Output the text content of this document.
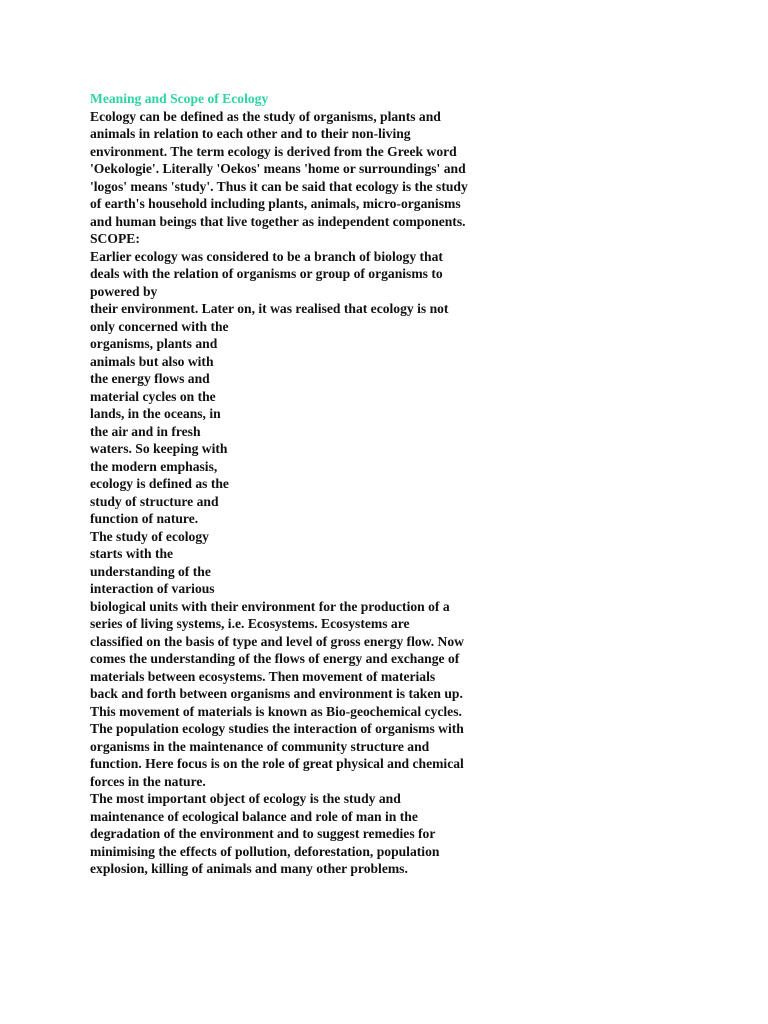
Meaning and Scope of Ecology
Ecology can be defined as the study of organisms, plants and
animals in relation to each other and to their non-living
environment. The term ecology is derived from the Greek word
'Oekologie'. Literally 'Oekos' means 'home or surroundings' and
'logos' means 'study'. Thus it can be said that ecology is the study
of earth's household including plants, animals, micro-organisms
and human beings that live together as independent components.
SCOPE:
Earlier ecology was considered to be a branch of biology that
deals with the relation of organisms or group of organisms to
powered by
their environment. Later on, it was realised that ecology is not
only concerned with the
organisms, plants and
animals but also with
the energy flows and
material cycles on the
lands, in the oceans, in
the air and in fresh
waters. So keeping with
the modern emphasis,
ecology is defined as the
study of structure and
function of nature.
The study of ecology
starts with the
understanding of the
interaction of various
biological units with their environment for the production of a
series of living systems, i.e. Ecosystems. Ecosystems are
classified on the basis of type and level of gross energy flow. Now
comes the understanding of the flows of energy and exchange of
materials between ecosystems. Then movement of materials
back and forth between organisms and environment is taken up.
This movement of materials is known as Bio-geochemical cycles.
The population ecology studies the interaction of organisms with
organisms in the maintenance of community structure and
function. Here focus is on the role of great physical and chemical
forces in the nature.
The most important object of ecology is the study and
maintenance of ecological balance and role of man in the
degradation of the environment and to suggest remedies for
minimising the effects of pollution, deforestation, population
explosion, killing of animals and many other problems.
